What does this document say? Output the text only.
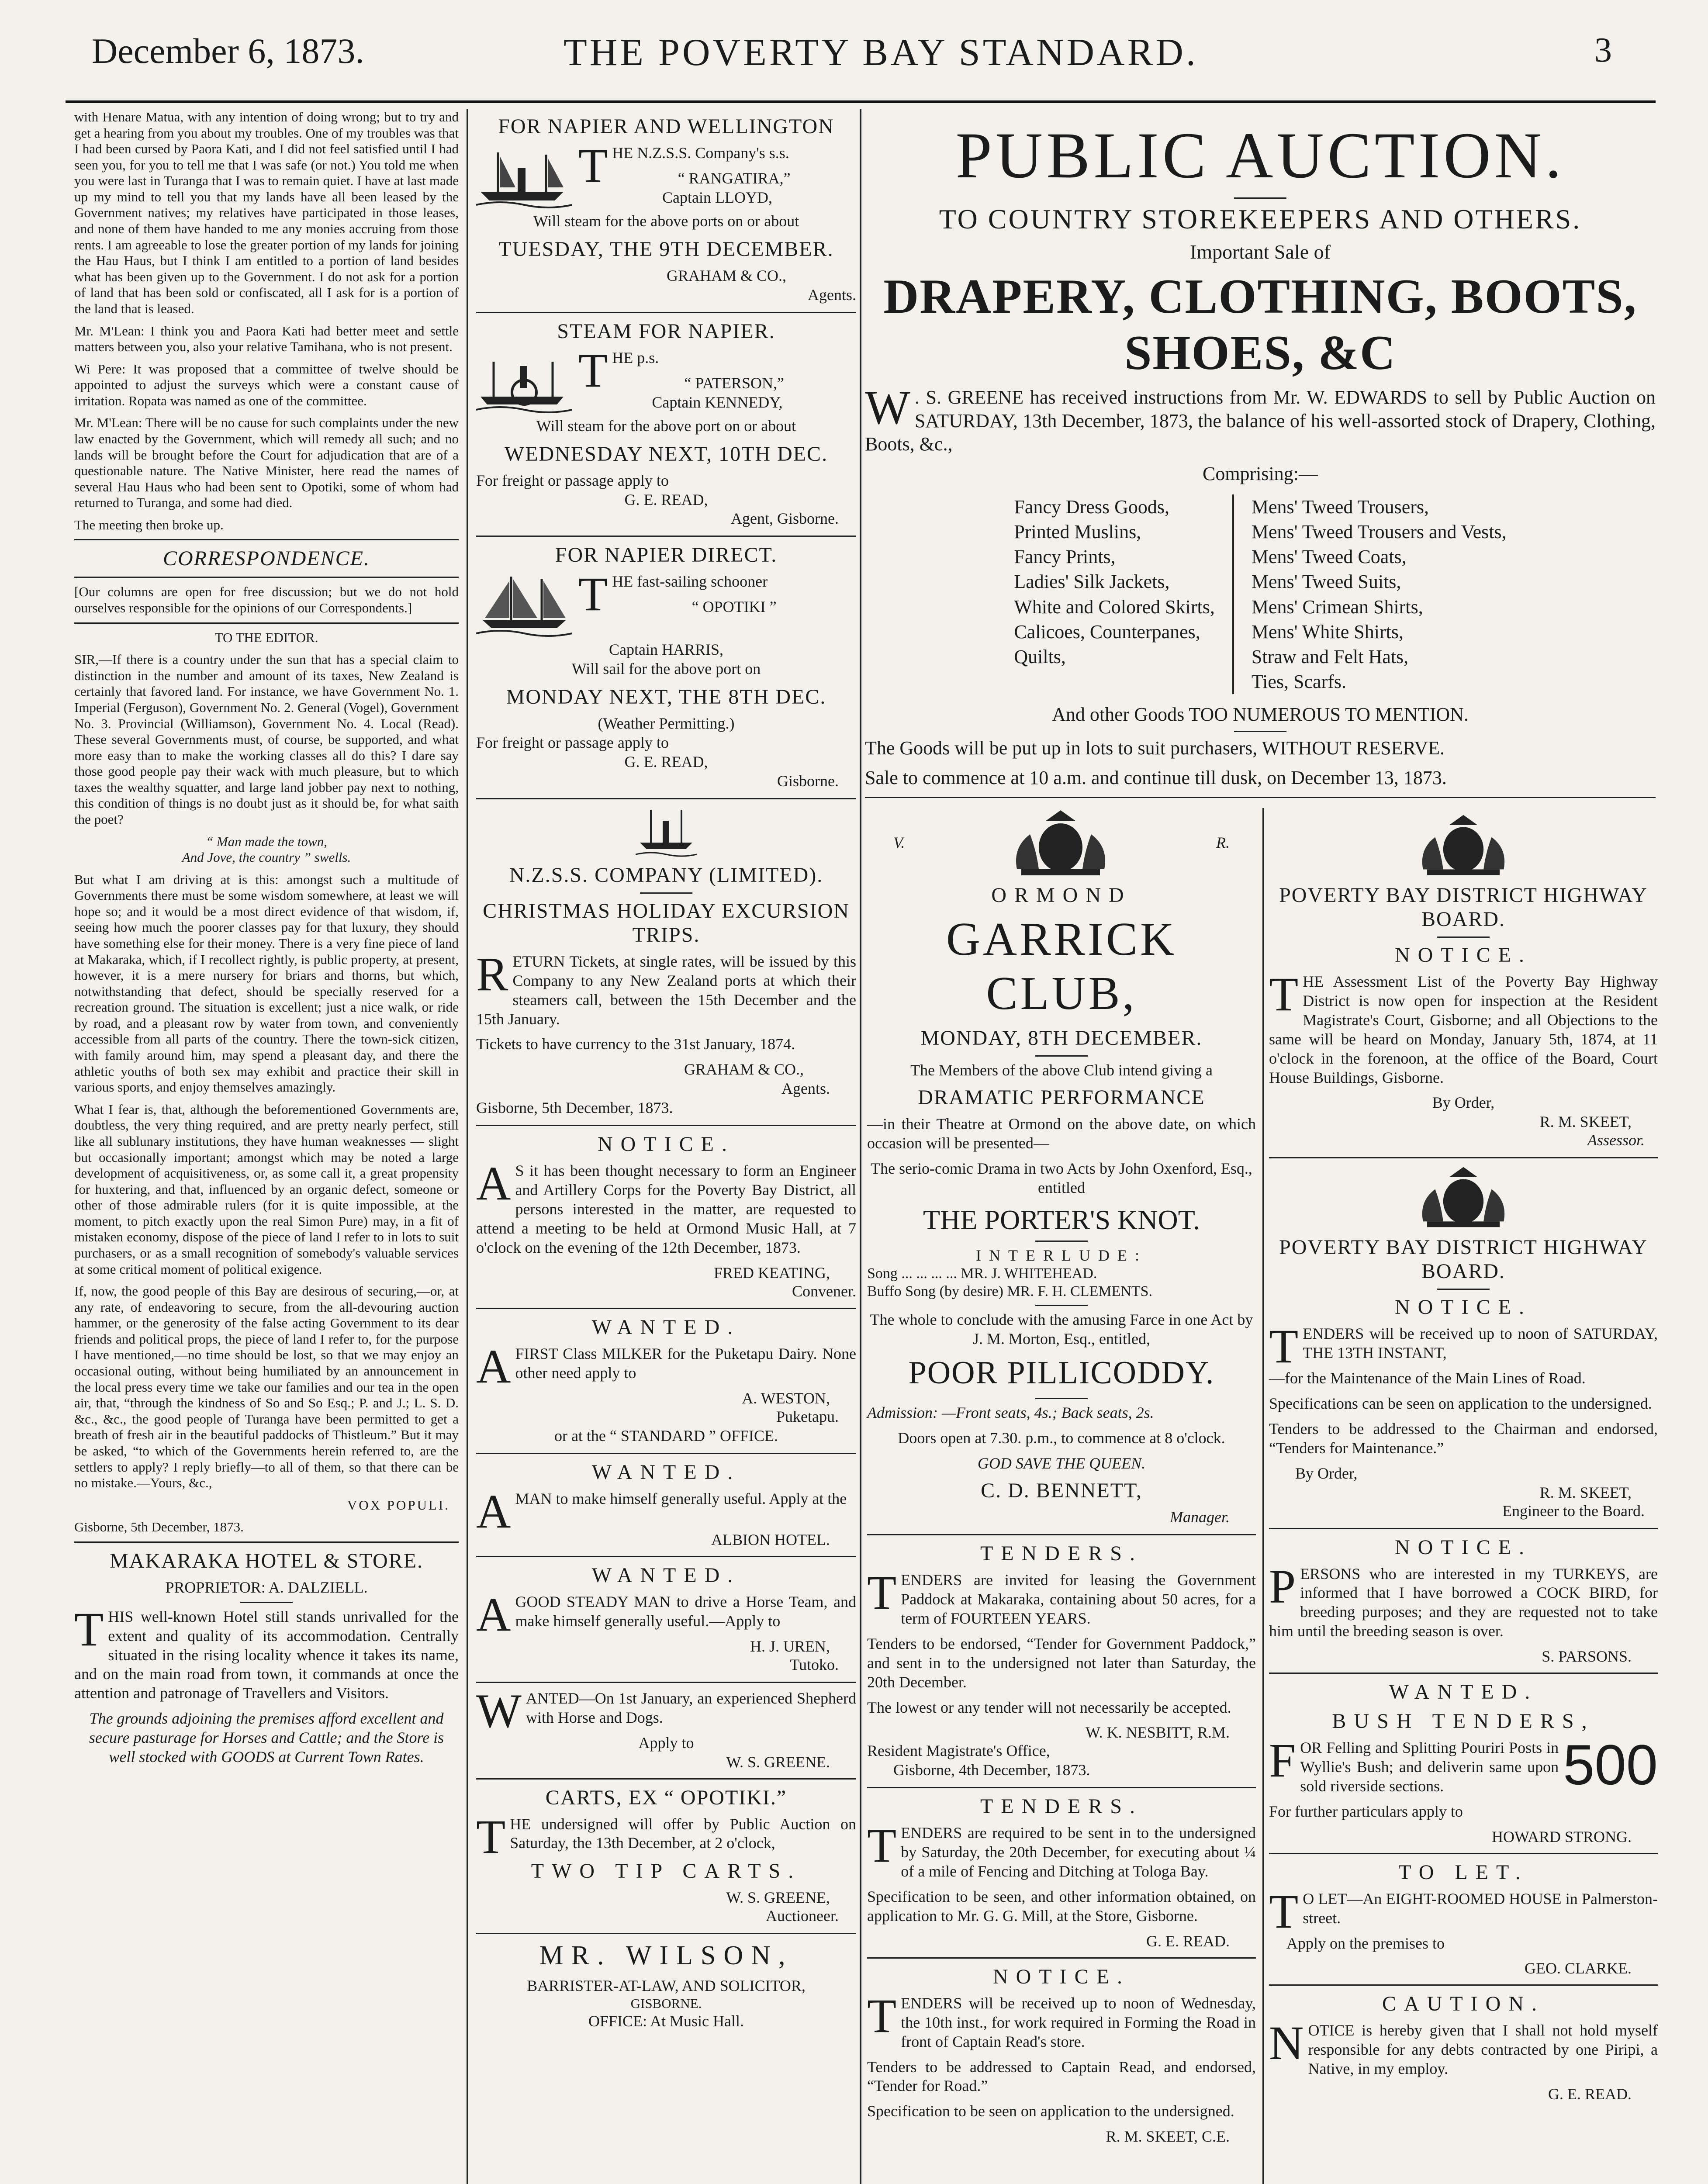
December 6, 1873.	THE POVERTY BAY STANDARD.	3

with Henare Matua, with any intention of doing wrong; but to try and get a hearing from you about my troubles. One of my troubles was that I had been cursed by Paora Kati, and I did not feel satisfied until I had seen you, for you to tell me that I was safe (or not.) You told me when you were last in Turanga that I was to remain quiet. I have at last made up my mind to tell you that my lands have all been leased by the Government natives; my relatives have participated in those leases, and none of them have handed to me any monies accruing from those rents. I am agreeable to lose the greater portion of my lands for joining the Hau Haus, but I think I am entitled to a portion of land besides what has been given up to the Government. I do not ask for a portion of land that has been sold or confiscated, all I ask for is a portion of the land that is leased.

Mr. M'Lean: I think you and Paora Kati had better meet and settle matters between you, also your relative Tamihana, who is not present.

Wi Pere: It was proposed that a committee of twelve should be appointed to adjust the surveys which were a constant cause of irritation. Ropata was named as one of the committee.

Mr. M'Lean: There will be no cause for such complaints under the new law enacted by the Government, which will remedy all such; and no lands will be brought before the Court for adjudication that are of a questionable nature. The Native Minister, here read the names of several Hau Haus who had been sent to Opotiki, some of whom had returned to Turanga, and some had died.

The meeting then broke up.

CORRESPONDENCE.

[Our columns are open for free discussion; but we do not hold ourselves responsible for the opinions of our Correspondents.]

TO THE EDITOR.

SIR,—If there is a country under the sun that has a special claim to distinction in the number and amount of its taxes, New Zealand is certainly that favored land. For instance, we have Government No. 1. Imperial (Ferguson), Government No. 2. General (Vogel), Government No. 3. Provincial (Williamson), Government No. 4. Local (Read). These several Governments must, of course, be supported, and what more easy than to make the working classes all do this? I dare say those good people pay their wack with much pleasure, but to which taxes the wealthy squatter, and large land jobber pay next to nothing, this condition of things is no doubt just as it should be, for what saith the poet?

“ Man made the town,

And Jove, the country ” swells.

But what I am driving at is this: amongst such a multitude of Governments there must be some wisdom somewhere, at least we will hope so; and it would be a most direct evidence of that wisdom, if, seeing how much the poorer classes pay for that luxury, they should have something else for their money. There is a very fine piece of land at Makaraka, which, if I recollect rightly, is public property, at present, however, it is a mere nursery for briars and thorns, but which, notwithstanding that defect, should be specially reserved for a recreation ground. The situation is excellent; just a nice walk, or ride by road, and a pleasant row by water from town, and conveniently accessible from all parts of the country. There the town-sick citizen, with family around him, may spend a pleasant day, and there the athletic youths of both sex may exhibit and practice their skill in various sports, and enjoy themselves amazingly.

What I fear is, that, although the beforementioned Governments are, doubtless, the very thing required, and are pretty nearly perfect, still like all sublunary institutions, they have human weaknesses — slight but occasionally important; amongst which may be noted a large development of acquisitiveness, or, as some call it, a great propensity for huxtering, and that, influenced by an organic defect, someone or other of those admirable rulers (for it is quite impossible, at the moment, to pitch exactly upon the real Simon Pure) may, in a fit of mistaken economy, dispose of the piece of land I refer to in lots to suit purchasers, or as a small recognition of somebody's valuable services at some critical moment of political exigence.

If, now, the good people of this Bay are desirous of securing,—or, at any rate, of endeavoring to secure, from the all-devouring auction hammer, or the generosity of the false acting Government to its dear friends and political props, the piece of land I refer to, for the purpose I have mentioned,—no time should be lost, so that we may enjoy an occasional outing, without being humiliated by an announcement in the local press every time we take our families and our tea in the open air, that, “through the kindness of So and So Esq.; P. and J.; L. S. D. &c., &c., the good people of Turanga have been permitted to get a breath of fresh air in the beautiful paddocks of Thistleum.” But it may be asked, “to which of the Governments herein referred to, are the settlers to apply? I reply briefly—to all of them, so that there can be no mistake.—Yours, &c.,

VOX POPULI.

Gisborne, 5th December, 1873.

MAKARAKA HOTEL & STORE.
PROPRIETOR: A. DALZIELL.

THIS well-known Hotel still stands unrivalled for the extent and quality of its accommodation. Centrally situated in the rising locality whence it takes its name, and on the main road from town, it commands at once the attention and patronage of Travellers and Visitors.

The grounds adjoining the premises afford excellent and secure pasturage for Horses and Cattle; and the Store is well stocked with GOODS at Current Town Rates.

FOR NAPIER AND WELLINGTON

THE N.Z.S.S. Company's s.s.

“ RANGATIRA,”
Captain LLOYD,

Will steam for the above ports on or about

TUESDAY, THE 9TH DECEMBER.
GRAHAM & CO.,
Agents.
STEAM FOR NAPIER.

THE p.s.

“ PATERSON,”
Captain KENNEDY,

Will steam for the above port on or about

WEDNESDAY NEXT, 10TH DEC.
For freight or passage apply to
G. E. READ,
Agent, Gisborne.
FOR NAPIER DIRECT.

THE fast-sailing schooner

“ OPOTIKI ”
Captain HARRIS,

Will sail for the above port on

MONDAY NEXT, THE 8TH DEC.
(Weather Permitting.)
For freight or passage apply to
G. E. READ,
Gisborne.
N.Z.S.S. COMPANY (LIMITED).
CHRISTMAS HOLIDAY EXCURSION TRIPS.

RETURN Tickets, at single rates, will be issued by this Company to any New Zealand ports at which their steamers call, between the 15th December and the 15th January.

Tickets to have currency to the 31st January, 1874.

GRAHAM & CO.,
Agents.
Gisborne, 5th December, 1873.
NOTICE.

A S it has been thought necessary to form an Engineer and Artillery Corps for the Poverty Bay District, all persons interested in the matter, are requested to attend a meeting to be held at Ormond Music Hall, at 7 o'clock on the evening of the 12th December, 1873.

FRED KEATING,
Convener.
WANTED.

AFIRST Class MILKER for the Puketapu Dairy. None other need apply to

A. WESTON,
Puketapu.
or at the “ STANDARD ” OFFICE.
WANTED.

AMAN to make himself generally useful. Apply at the

ALBION HOTEL.
WANTED.

AGOOD STEADY MAN to drive a Horse Team, and make himself generally useful.—Apply to

H. J. UREN,
Tutoko.

WANTED—On 1st January, an experienced Shepherd with Horse and Dogs.

Apply to
W. S. GREENE.
CARTS, EX “ OPOTIKI.”

THE undersigned will offer by Public Auction on Saturday, the 13th December, at 2 o'clock,

TWO TIP CARTS.
W. S. GREENE,
Auctioneer.
MR. WILSON,
BARRISTER-AT-LAW, AND SOLICITOR,
GISBORNE.
OFFICE: At Music Hall.
PUBLIC AUCTION.
TO COUNTRY STOREKEEPERS AND OTHERS.
Important Sale of
DRAPERY, CLOTHING, BOOTS, SHOES, &C

W . S. GREENE has received instructions from Mr. W. EDWARDS to sell by Public Auction on SATURDAY, 13th December, 1873, the balance of his well-assorted stock of Drapery, Clothing, Boots, &c.,

Comprising:—
Fancy Dress Goods,
Printed Muslins,
Fancy Prints,
Ladies' Silk Jackets,
White and Colored Skirts,
Calicoes, Counterpanes,
Quilts,
Mens' Tweed Trousers,
Mens' Tweed Trousers and Vests,
Mens' Tweed Coats,
Mens' Tweed Suits,
Mens' Crimean Shirts,
Mens' White Shirts,
Straw and Felt Hats,
Ties, Scarfs.
And other Goods TOO NUMEROUS TO MENTION.

The Goods will be put up in lots to suit purchasers, WITHOUT RESERVE.

Sale to commence at 10 a.m. and continue till dusk, on December 13, 1873.

V.	R.
ORMOND
GARRICK CLUB,
MONDAY, 8TH DECEMBER.
The Members of the above Club intend giving a
DRAMATIC PERFORMANCE

—in their Theatre at Ormond on the above date, on which occasion will be presented—

The serio-comic Drama in two Acts by John Oxenford, Esq., entitled

THE PORTER'S KNOT.
INTERLUDE:
Song ... ... ... ... MR. J. WHITEHEAD.
Buffo Song (by desire) MR. F. H. CLEMENTS.

The whole to conclude with the amusing Farce in one Act by J. M. Morton, Esq., entitled,

POOR PILLICODDY.

Admission: —Front seats, 4s.; Back seats, 2s.

Doors open at 7.30. p.m., to commence at 8 o'clock.

GOD SAVE THE QUEEN.
C. D. BENNETT,
Manager.
TENDERS.

TENDERS are invited for leasing the Government Paddock at Makaraka, containing about 50 acres, for a term of FOURTEEN YEARS.

Tenders to be endorsed, “Tender for Government Paddock,” and sent in to the undersigned not later than Saturday, the 20th December.

The lowest or any tender will not necessarily be accepted.

W. K. NESBITT, R.M.
Resident Magistrate's Office,
Gisborne, 4th December, 1873.
TENDERS.

TENDERS are required to be sent in to the undersigned by Saturday, the 20th December, for executing about ¼ of a mile of Fencing and Ditching at Tologa Bay.

Specification to be seen, and other information obtained, on application to Mr. G. G. Mill, at the Store, Gisborne.

G. E. READ.
NOTICE.

TENDERS will be received up to noon of Wednesday, the 10th inst., for work required in Forming the Road in front of Captain Read's store.

Tenders to be addressed to Captain Read, and endorsed, “Tender for Road.”

Specification to be seen on application to the undersigned.

R. M. SKEET, C.E.
POVERTY BAY DISTRICT HIGHWAY BOARD.
NOTICE.

THE Assessment List of the Poverty Bay Highway District is now open for inspection at the Resident Magistrate's Court, Gisborne; and all Objections to the same will be heard on Monday, January 5th, 1874, at 11 o'clock in the forenoon, at the office of the Board, Court House Buildings, Gisborne.

By Order,
R. M. SKEET,
Assessor.
POVERTY BAY DISTRICT HIGHWAY BOARD.
NOTICE.

TENDERS will be received up to noon of SATURDAY, THE 13TH INSTANT,

—for the Maintenance of the Main Lines of Road.

Specifications can be seen on application to the undersigned.

Tenders to be addressed to the Chairman and endorsed, “Tenders for Maintenance.”

By Order,
R. M. SKEET,
Engineer to the Board.
NOTICE.

PERSONS who are interested in my TURKEYS, are informed that I have borrowed a COCK BIRD, for breeding purposes; and they are requested not to take him until the breeding season is over.

S. PARSONS.
WANTED.
BUSH TENDERS,

500
F OR Felling and Splitting Pouriri Posts in Wyllie's Bush; and deliverin same upon sold riverside sections.

For further particulars apply to

HOWARD STRONG.
TO LET.

T O LET—An EIGHT-ROOMED HOUSE in Palmerston-street.

Apply on the premises to

GEO. CLARKE.
CAUTION.

NOTICE is hereby given that I shall not hold myself responsible for any debts contracted by one Piripi, a Native, in my employ.

G. E. READ.
